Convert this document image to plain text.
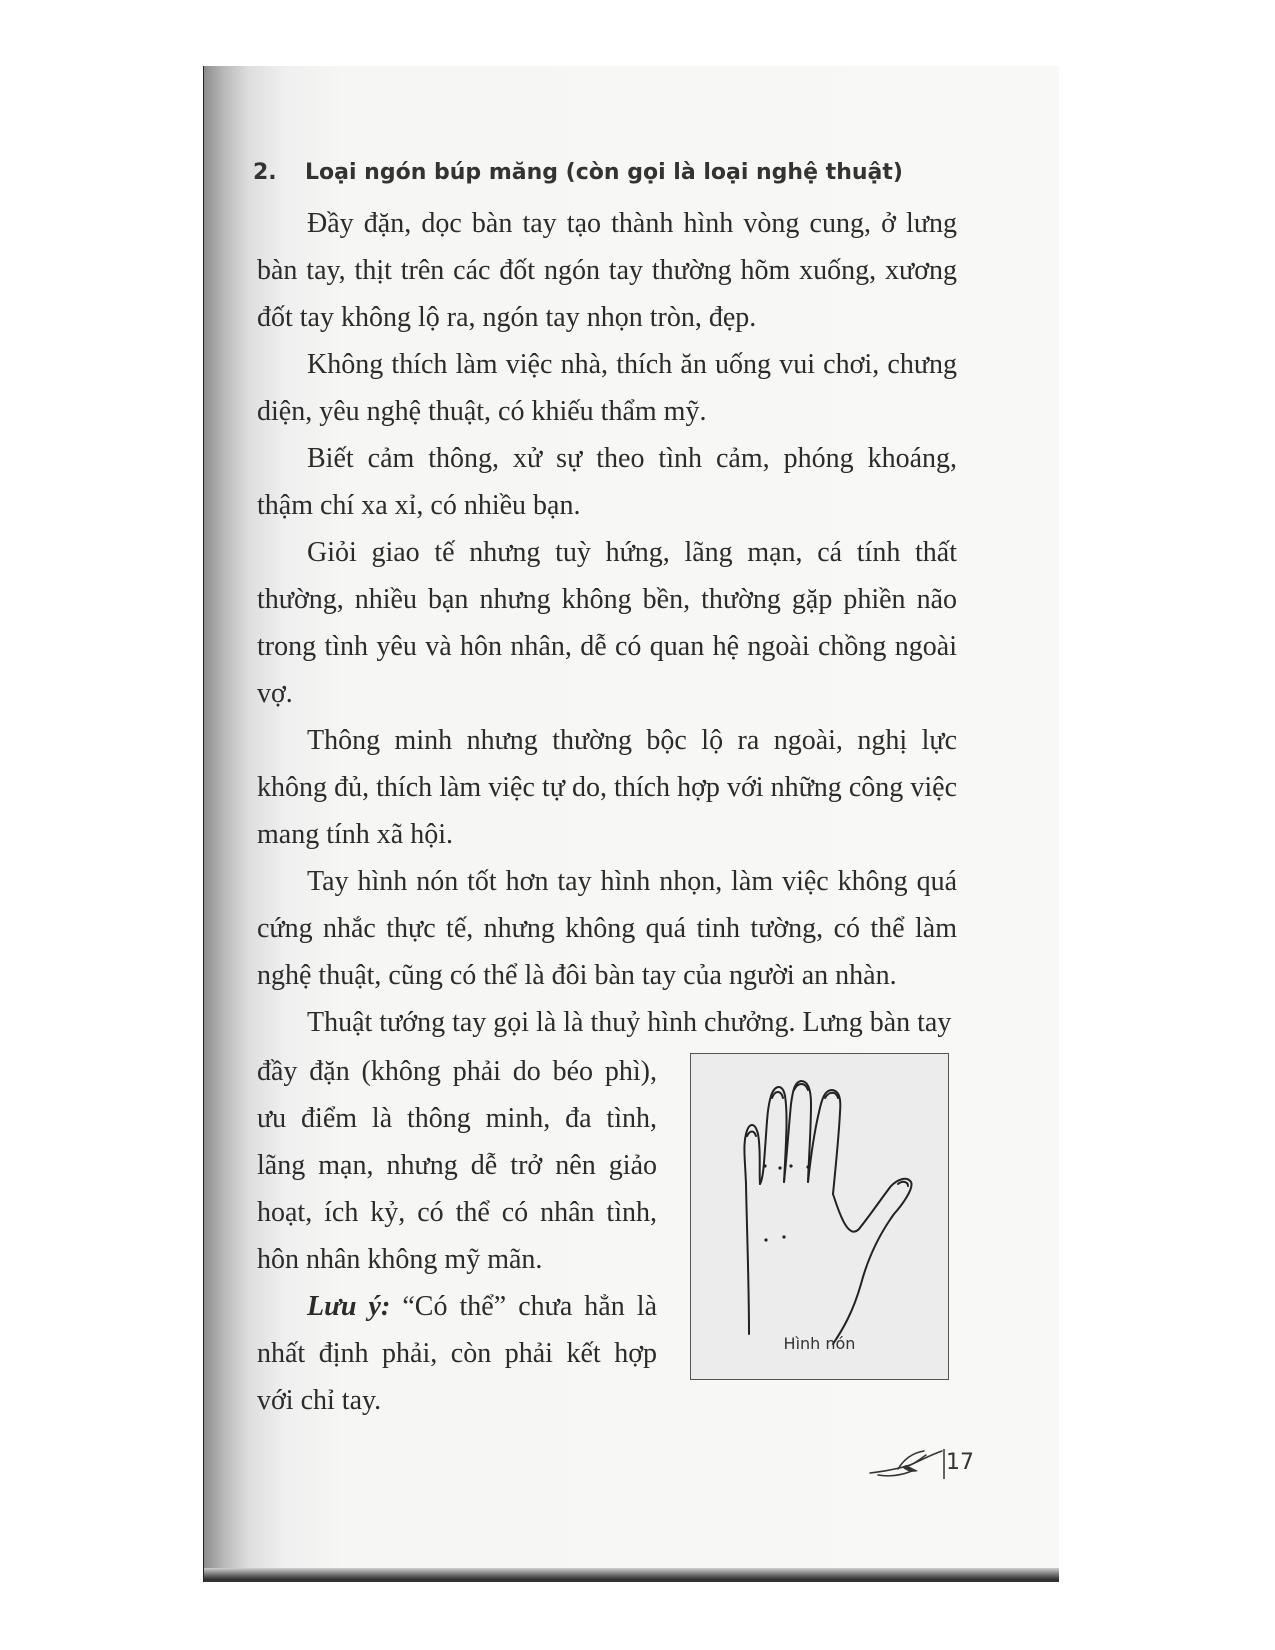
2. Loại ngón búp măng (còn gọi là loại nghệ thuật)

Đầy đặn, dọc bàn tay tạo thành hình vòng cung, ở lưng bàn tay, thịt trên các đốt ngón tay thường hõm xuống, xương đốt tay không lộ ra, ngón tay nhọn tròn, đẹp.

Không thích làm việc nhà, thích ăn uống vui chơi, chưng diện, yêu nghệ thuật, có khiếu thẩm mỹ.

Biết cảm thông, xử sự theo tình cảm, phóng khoáng, thậm chí xa xỉ, có nhiều bạn.

Giỏi giao tế nhưng tuỳ hứng, lãng mạn, cá tính thất thường, nhiều bạn nhưng không bền, thường gặp phiền não trong tình yêu và hôn nhân, dễ có quan hệ ngoài chồng ngoài vợ.

Thông minh nhưng thường bộc lộ ra ngoài, nghị lực không đủ, thích làm việc tự do, thích hợp với những công việc mang tính xã hội.

Tay hình nón tốt hơn tay hình nhọn, làm việc không quá cứng nhắc thực tế, nhưng không quá tinh tường, có thể làm nghệ thuật, cũng có thể là đôi bàn tay của người an nhàn.

Thuật tướng tay gọi là là thuỷ hình chưởng. Lưng bàn tay

đầy đặn (không phải do béo phì), ưu điểm là thông minh, đa tình, lãng mạn, nhưng dễ trở nên giảo hoạt, ích kỷ, có thể có nhân tình, hôn nhân không mỹ mãn.

Lưu ý: “Có thể” chưa hẳn là nhất định phải, còn phải kết hợp với chỉ tay.

Hình nón
17
